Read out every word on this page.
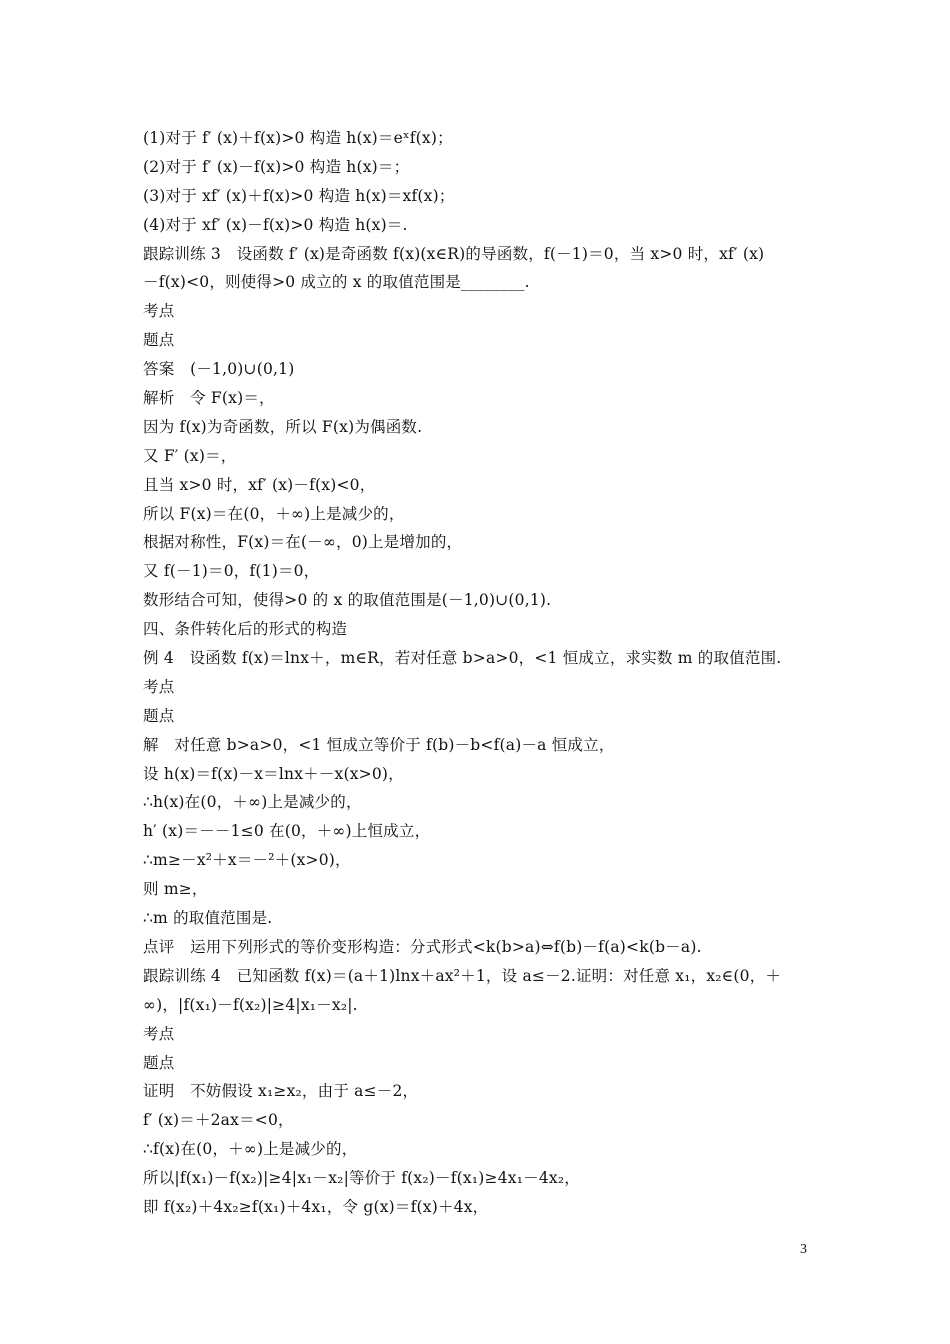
(1)对于 f′ (x)＋f(x)>0 构造 h(x)＝eˣf(x)；
(2)对于 f′ (x)－f(x)>0 构造 h(x)＝；
(3)对于 xf′ (x)＋f(x)>0 构造 h(x)＝xf(x)；
(4)对于 xf′ (x)－f(x)>0 构造 h(x)＝.
跟踪训练 3　设函数 f′ (x)是奇函数 f(x)(x∈R)的导函数，f(－1)＝0，当 x>0 时，xf′ (x)
－f(x)<0，则使得>0 成立的 x 的取值范围是________.
考点
题点
答案　(－1,0)∪(0,1)
解析　令 F(x)＝，
因为 f(x)为奇函数，所以 F(x)为偶函数.
又 F′ (x)＝，
且当 x>0 时，xf′ (x)－f(x)<0，
所以 F(x)＝在(0，＋∞)上是减少的，
根据对称性，F(x)＝在(－∞，0)上是增加的，
又 f(－1)＝0，f(1)＝0，
数形结合可知，使得>0 的 x 的取值范围是(－1,0)∪(0,1).
四、条件转化后的形式的构造
例 4　设函数 f(x)＝lnx＋，m∈R，若对任意 b>a>0，<1 恒成立，求实数 m 的取值范围.
考点
题点
解　对任意 b>a>0，<1 恒成立等价于 f(b)－b<f(a)－a 恒成立，
设 h(x)＝f(x)－x＝lnx＋－x(x>0)，
∴h(x)在(0，＋∞)上是减少的，
h′ (x)＝－－1≤0 在(0，＋∞)上恒成立，
∴m≥－x²＋x＝－²＋(x>0)，
则 m≥，
∴m 的取值范围是.
点评　运用下列形式的等价变形构造：分式形式<k(b>a)⇔f(b)－f(a)<k(b－a).
跟踪训练 4　已知函数 f(x)＝(a＋1)lnx＋ax²＋1，设 a≤－2.证明：对任意 x₁，x₂∈(0，＋
∞)，|f(x₁)－f(x₂)|≥4|x₁－x₂|.
考点
题点
证明　不妨假设 x₁≥x₂，由于 a≤－2，
f′ (x)＝＋2ax＝<0，
∴f(x)在(0，＋∞)上是减少的，
所以|f(x₁)－f(x₂)|≥4|x₁－x₂|等价于 f(x₂)－f(x₁)≥4x₁－4x₂，
即 f(x₂)＋4x₂≥f(x₁)＋4x₁，令 g(x)＝f(x)＋4x，
3
